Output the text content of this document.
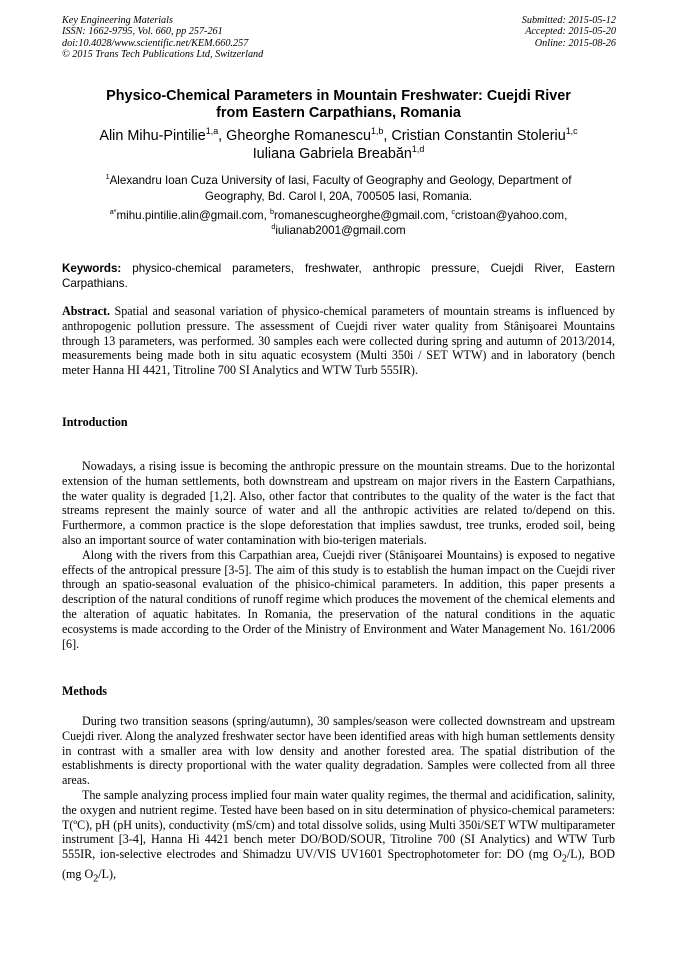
Key Engineering Materials
ISSN: 1662-9795, Vol. 660, pp 257-261
doi:10.4028/www.scientific.net/KEM.660.257
© 2015 Trans Tech Publications Ltd, Switzerland
Submitted: 2015-05-12
Accepted: 2015-05-20
Online: 2015-08-26
Physico-Chemical Parameters in Mountain Freshwater: Cuejdi River
from Eastern Carpathians, Romania
Alin Mihu-Pintilie$^{1,a}$, Gheorghe Romanescu$^{1,b}$, Cristian Constantin Stoleriu$^{1,c}$
Iuliana Gabriela Breabăn$^{1,d}$
$^1$Alexandru Ioan Cuza University of Iasi, Faculty of Geography and Geology, Department of Geography, Bd. Carol I, 20A, 700505 Iasi, Romania.
$^{a*}$mihu.pintilie.alin@gmail.com, $^b$romanescugheorghe@gmail.com, $^c$cristoan@yahoo.com,
$^d$iulianab2001@gmail.com
Keywords: physico-chemical parameters, freshwater, anthropic pressure, Cuejdi River, Eastern Carpathians.
Abstract. Spatial and seasonal variation of physico-chemical parameters of mountain streams is influenced by anthropogenic pollution pressure. The assessment of Cuejdi river water quality from Stânişoarei Mountains through 13 parameters, was performed. 30 samples each were collected during spring and autumn of 2013/2014, measurements being made both in situ aquatic ecosystem (Multi 350i / SET WTW) and in laboratory (bench meter Hanna HI 4421, Titroline 700 SI Analytics and WTW Turb 555IR).
Introduction

Nowadays, a rising issue is becoming the anthropic pressure on the mountain streams. Due to the horizontal extension of the human settlements, both downstream and upstream on major rivers in the Eastern Carpathians, the water quality is degraded [1,2]. Also, other factor that contributes to the quality of the water is the fact that streams represent the mainly source of water and all the anthropic activities are related to/depend on this. Furthermore, a common practice is the slope deforestation that implies sawdust, tree trunks, eroded soil, being also an important source of water contamination with bio-terigen materials.

Along with the rivers from this Carpathian area, Cuejdi river (Stânişoarei Mountains) is exposed to negative effects of the antropical pressure [3-5]. The aim of this study is to establish the human impact on the Cuejdi river through an spatio-seasonal evaluation of the phisico-chimical parameters. In addition, this paper presents a description of the natural conditions of runoff regime which produces the movement of the chemical elements and the alteration of aquatic habitates. In Romania, the preservation of the natural conditions in the aquatic ecosystems is made according to the Order of the Ministry of Environment and Water Management No. 161/2006 [6].

Methods

During two transition seasons (spring/autumn), 30 samples/season were collected downstream and upstream Cuejdi river. Along the analyzed freshwater sector have been identified areas with high human settlements density in contrast with a smaller area with low density and another forested area. The spatial distribution of the establishments is directy proportional with the water quality degradation. Samples were collected from all three areas.

The sample analyzing process implied four main water quality regimes, the thermal and acidification, salinity, the oxygen and nutrient regime. Tested have been based on in situ determination of physico-chemical parameters: T(ºC), pH (pH units), conductivity (mS/cm) and total dissolve solids, using Multi 350i/SET WTW multiparameter instrument [3-4], Hanna Hi 4421 bench meter DO/BOD/SOUR, Titroline 700 (SI Analytics) and WTW Turb 555IR, ion-selective electrodes and Shimadzu UV/VIS UV1601 Spectrophotometer for: DO (mg $O_2/L$), BOD (mg $O_2/L$),
